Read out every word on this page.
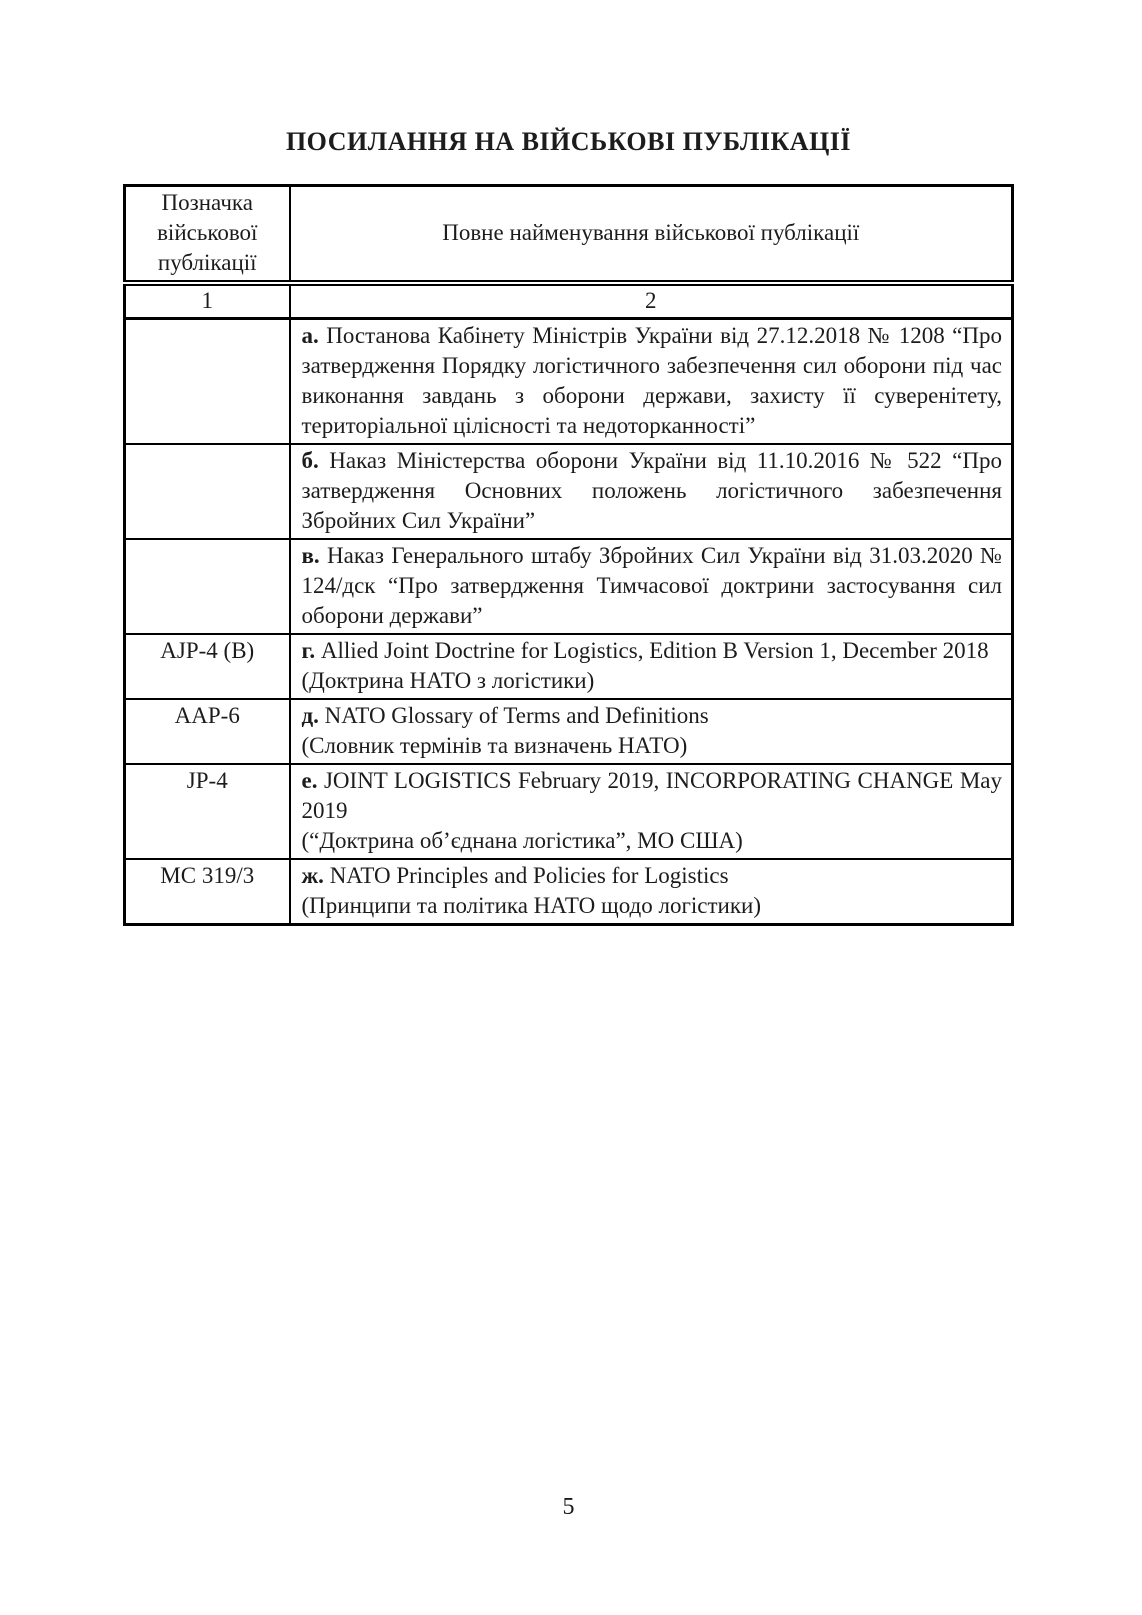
ПОСИЛАННЯ НА ВІЙСЬКОВІ ПУБЛІКАЦІЇ
Позначка військової публікації	Повне найменування військової публікації
1	2

	а. Постанова Кабінету Міністрів України від 27.12.2018 № 1208 “Про затвердження Порядку логістичного забезпечення сил оборони під час виконання завдань з оборони держави, захисту її суверенітету, територіальної цілісності та недоторканності”

	б. Наказ Міністерства оборони України від 11.10.2016 № 522 “Про затвердження Основних положень логістичного забезпечення Збройних Сил України”

	в. Наказ Генерального штабу Збройних Сил України від 31.03.2020 № 124/дск “Про затвердження Тимчасової доктрини застосування сил оборони держави”

AJP-4 (B)	г. Allied Joint Doctrine for Logistics, Edition B Version 1, December 2018

(Доктрина НАТО з логістики)

AAP-6	д. NATO Glossary of Terms and Definitions

(Словник термінів та визначень НАТО)

JP-4	е. JOINT LOGISTICS February 2019, INCORPORATING CHANGE May 2019

(“Доктрина об’єднана логістика”, МО США)

MC 319/3	ж. NATO Principles and Policies for Logistics

(Принципи та політика НАТО щодо логістики)

5
